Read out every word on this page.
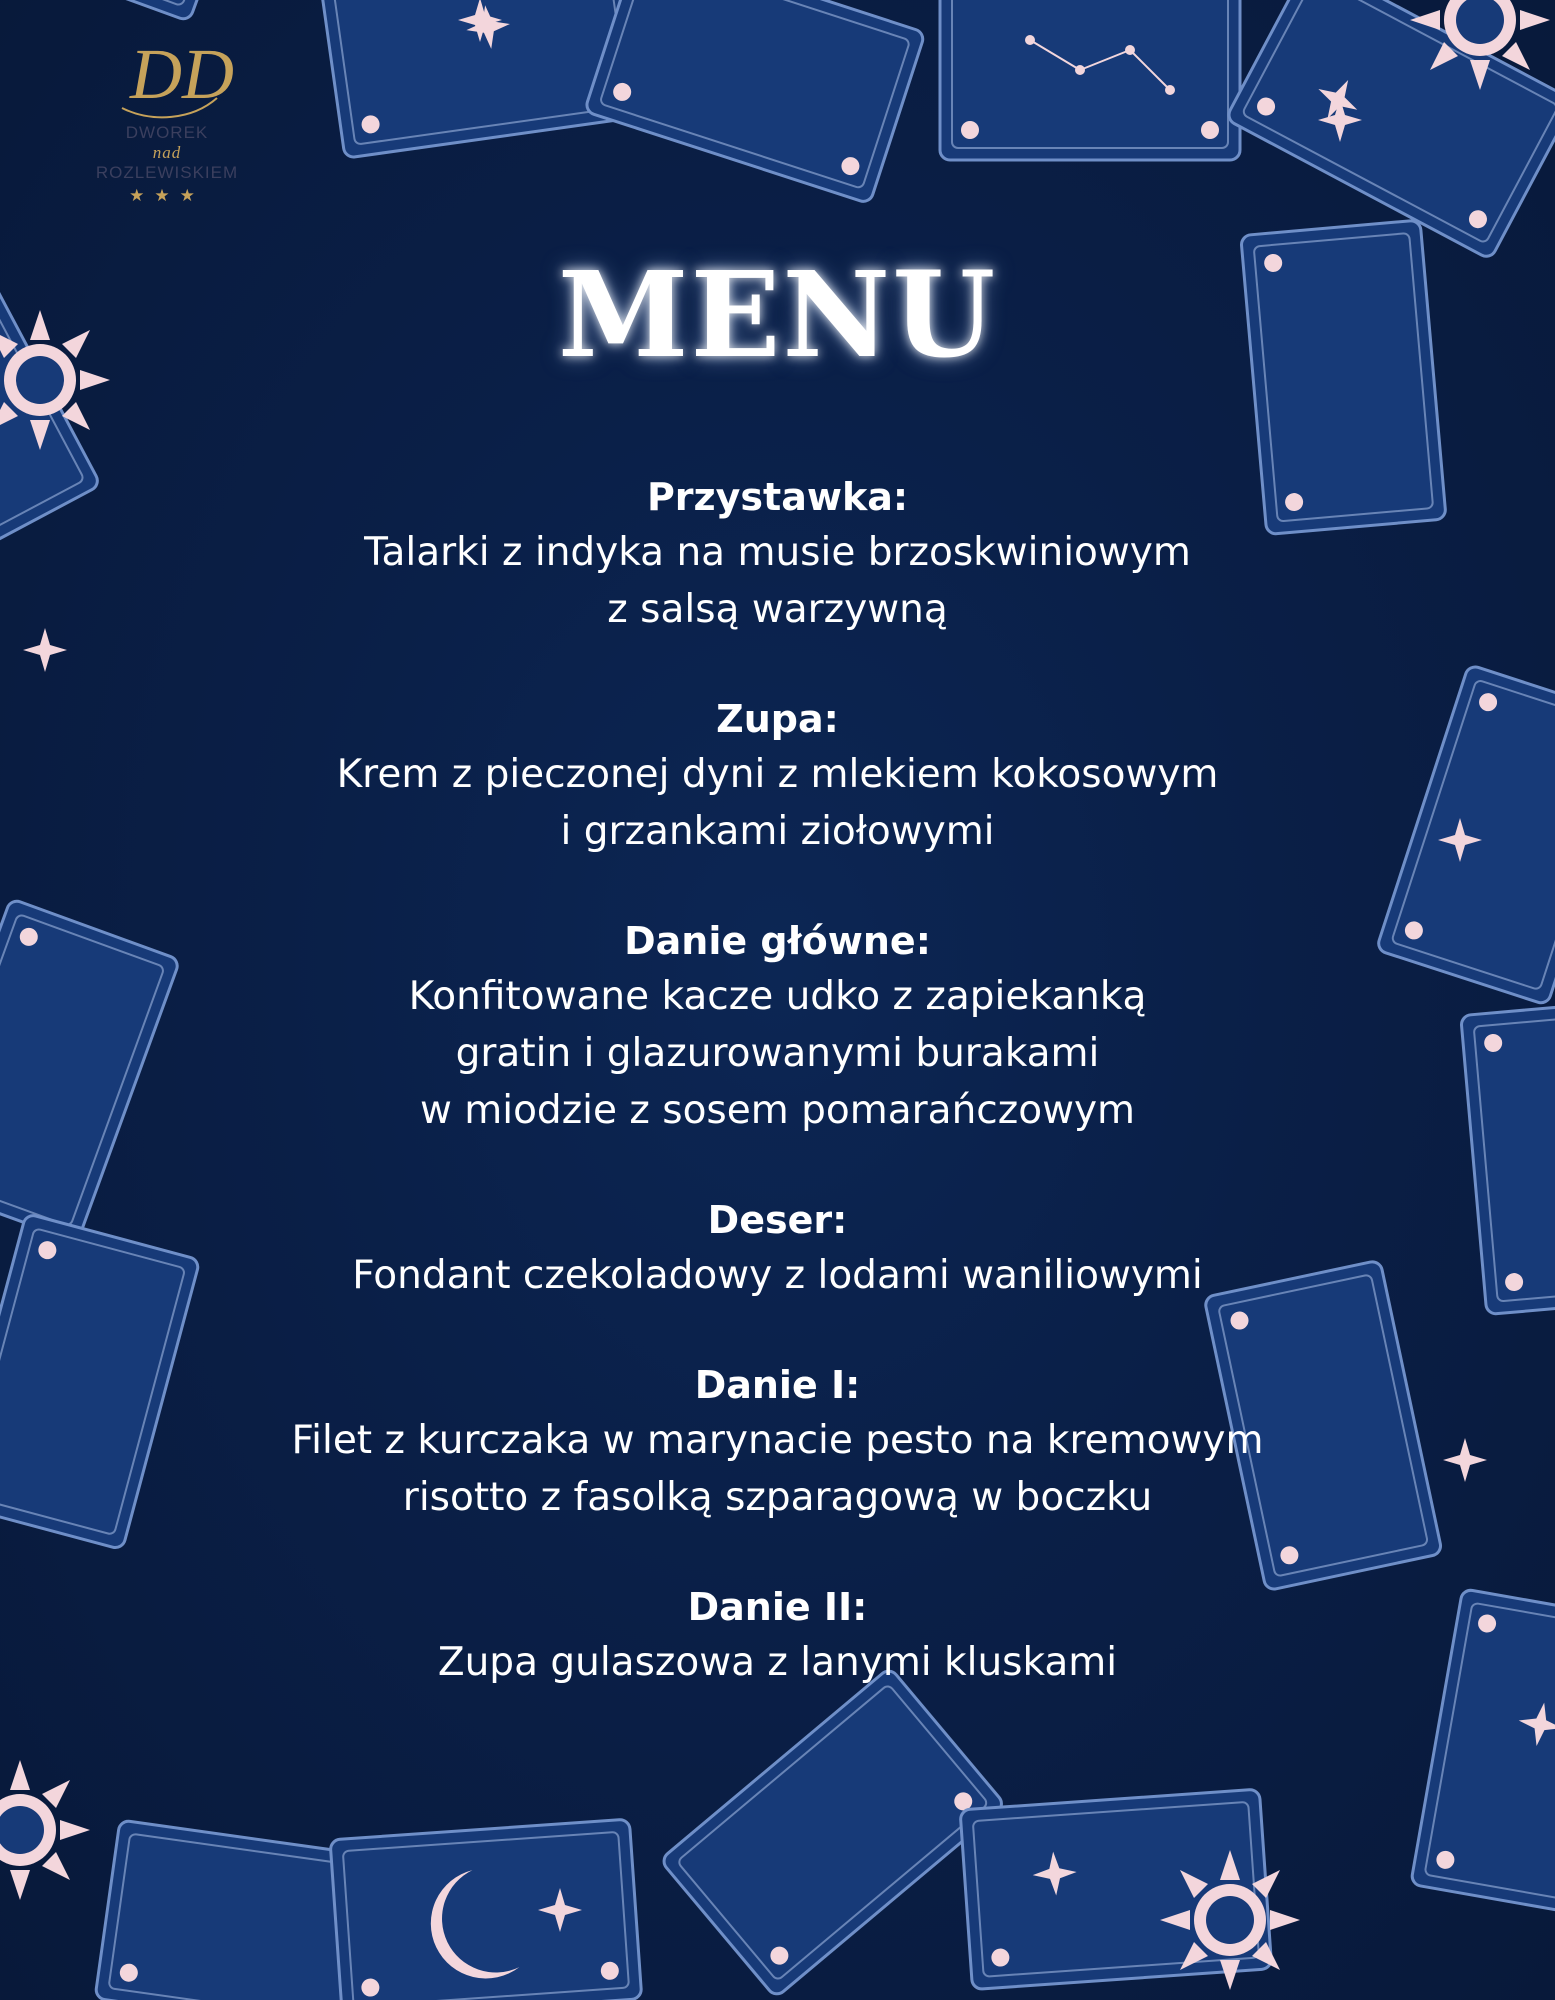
DD
DWOREK
nad
ROZLEWISKIEM
★★★
MENU
Przystawka:
Talarki z indyka na musie brzoskwiniowym
z salsą warzywną
Zupa:
Krem z pieczonej dyni z mlekiem kokosowym
i grzankami ziołowymi
Danie główne:
Konfitowane kacze udko z zapiekanką
gratin i glazurowanymi burakami
w miodzie z sosem pomarańczowym
Deser:
Fondant czekoladowy z lodami waniliowymi
Danie I:
Filet z kurczaka w marynacie pesto na kremowym
risotto z fasolką szparagową w boczku
Danie II:
Zupa gulaszowa z lanymi kluskami
